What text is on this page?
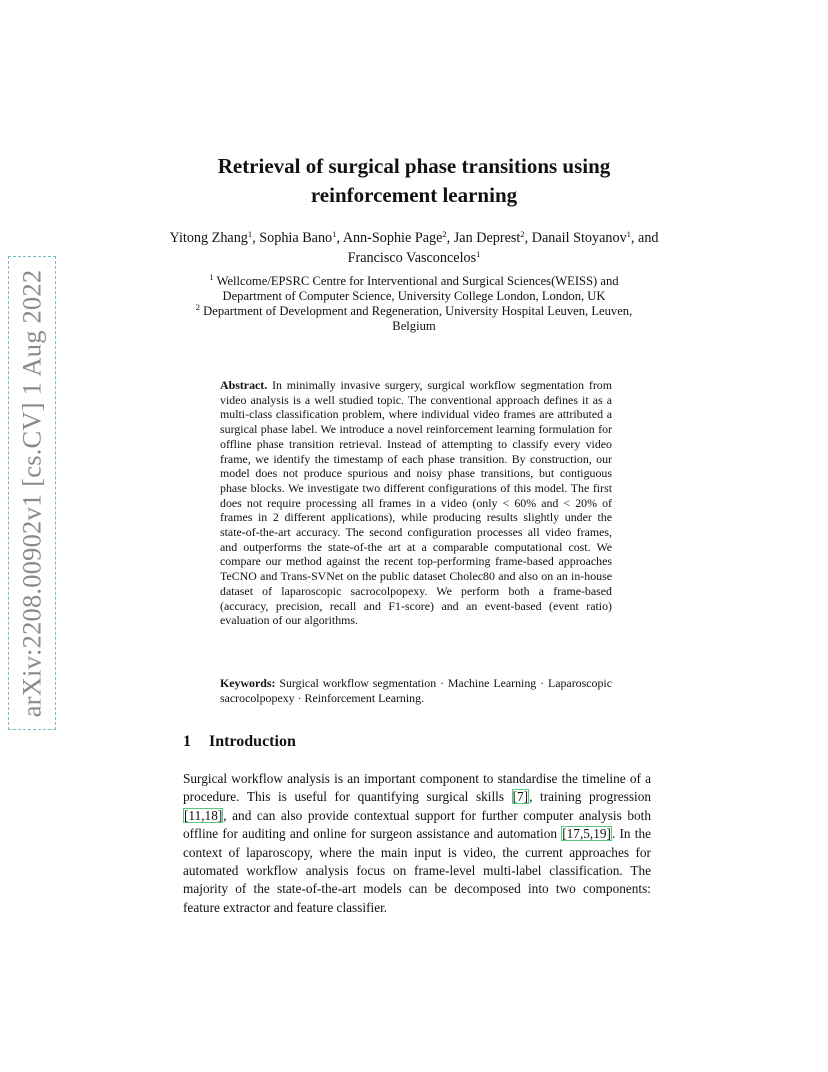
arXiv:2208.00902v1 [cs.CV] 1 Aug 2022
Retrieval of surgical phase transitions using
reinforcement learning
Yitong Zhang$^1$, Sophia Bano$^1$, Ann-Sophie Page$^2$, Jan Deprest$^2$, Danail Stoyanov$^1$, and Francisco Vasconcelos$^1$
$^1$ Wellcome/EPSRC Centre for Interventional and Surgical Sciences(WEISS) and Department of Computer Science, University College London, London, UK
$^2$ Department of Development and Regeneration, University Hospital Leuven, Leuven, Belgium
Abstract. In minimally invasive surgery, surgical workflow segmentation from video analysis is a well studied topic. The conventional approach defines it as a multi-class classification problem, where individual video frames are attributed a surgical phase label. We introduce a novel reinforcement learning formulation for offline phase transition retrieval. Instead of attempting to classify every video frame, we identify the timestamp of each phase transition. By construction, our model does not produce spurious and noisy phase transitions, but contiguous phase blocks. We investigate two different configurations of this model. The first does not require processing all frames in a video (only < 60% and < 20% of frames in 2 different applications), while producing results slightly under the state-of-the-art accuracy. The second configuration processes all video frames, and outperforms the state-of-the art at a comparable computational cost. We compare our method against the recent top-performing frame-based approaches TeCNO and Trans-SVNet on the public dataset Cholec80 and also on an in-house dataset of laparoscopic sacrocolpopexy. We perform both a frame-based (accuracy, precision, recall and F1-score) and an event-based (event ratio) evaluation of our algorithms.
Keywords: Surgical workflow segmentation · Machine Learning · Laparoscopic sacrocolpopexy · Reinforcement Learning.
1 Introduction
Surgical workflow analysis is an important component to standardise the timeline of a procedure. This is useful for quantifying surgical skills [7], training progression [11,18], and can also provide contextual support for further computer analysis both offline for auditing and online for surgeon assistance and automation [17,5,19]. In the context of laparoscopy, where the main input is video, the current approaches for automated workflow analysis focus on frame-level multi-label classification. The majority of the state-of-the-art models can be decomposed into two components: feature extractor and feature classifier.
